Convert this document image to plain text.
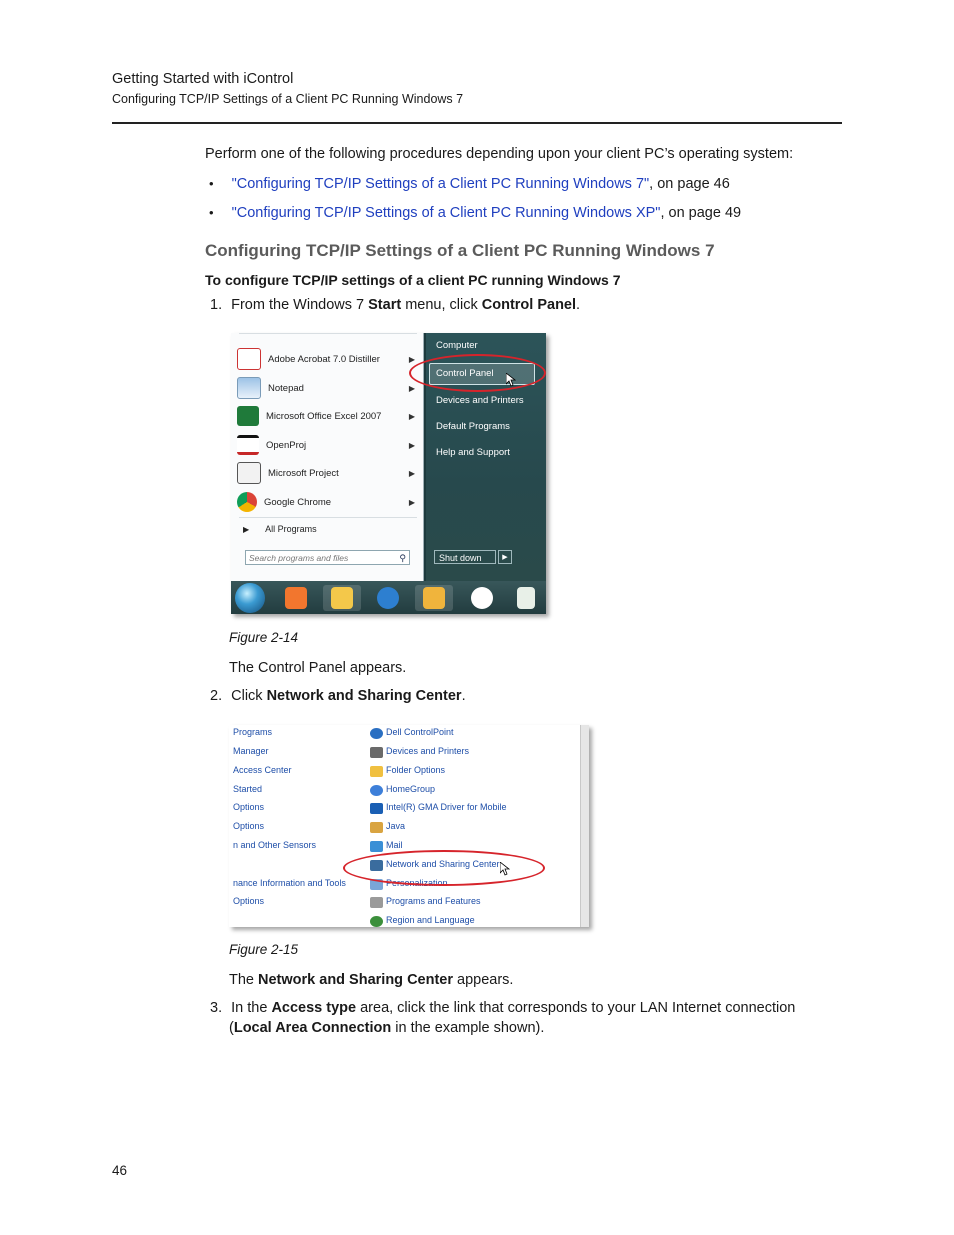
Getting Started with iControl
Configuring TCP/IP Settings of a Client PC Running Windows 7
Perform one of the following procedures depending upon your client PC’s operating system:
• "Configuring TCP/IP Settings of a Client PC Running Windows 7", on page 46
• "Configuring TCP/IP Settings of a Client PC Running Windows XP", on page 49
Configuring TCP/IP Settings of a Client PC Running Windows 7
To configure TCP/IP settings of a client PC running Windows 7
1. From the Windows 7 Start menu, click Control Panel.
Adobe Acrobat 7.0 Distiller	▶
Notepad	▶
Microsoft Office Excel 2007	▶
OpenProj	▶
Microsoft Project	▶
Google Chrome	▶
▶ All Programs
Search programs and files	⚲
Computer
Control Panel
Devices and Printers
Default Programs
Help and Support
Shut down	▶
Figure 2-14
The Control Panel appears.
2. Click Network and Sharing Center.
Programs
Manager
Access Center
Started
Options
Options
n and Other Sensors
nance Information and Tools
Options
Dell ControlPoint
Devices and Printers
Folder Options
HomeGroup
Intel(R) GMA Driver for Mobile
Java
Mail
Network and Sharing Center
Personalization
Programs and Features
Region and Language
Figure 2-15
The Network and Sharing Center appears.
3. In the Access type area, click the link that corresponds to your LAN Internet connection
(Local Area Connection in the example shown).
46
